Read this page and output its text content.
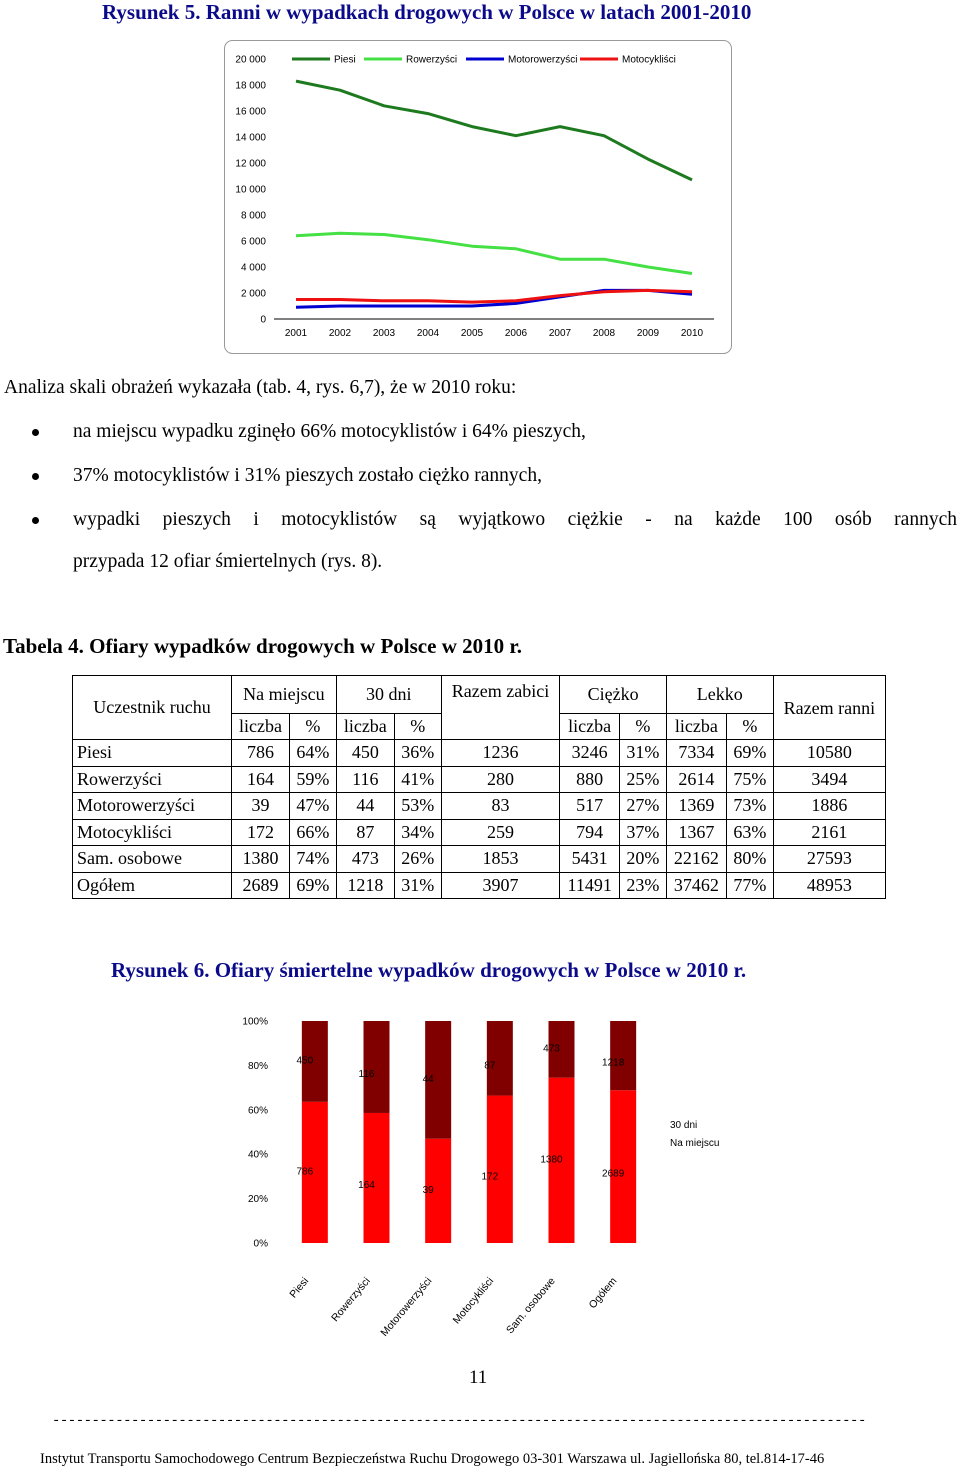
Rysunek 5. Ranni w wypadkach drogowych w Polsce w latach 2001-2010
0
2 000
4 000
6 000
8 000
10 000
12 000
14 000
16 000
18 000
20 000
2001 2002 2003 2004 2005 2006 2007 2008 2009 2010
Piesi	Rowerzyści	Motorowerzyści	Motocykliści
Analiza skali obrażeń wykazała (tab. 4, rys. 6,7), że w 2010 roku:
na miejscu wypadku zginęło 66% motocyklistów i 64% pieszych,
37% motocyklistów i 31% pieszych zostało ciężko rannych,
wypadki pieszych i motocyklistów są wyjątkowo ciężkie - na każde 100 osób rannych
przypada 12 ofiar śmiertelnych (rys. 8).
Tabela 4. Ofiary wypadków drogowych w Polsce w 2010 r.
Uczestnik ruchu	Na miejscu		30 dni		Razem zabici	Ciężko		Lekko		Razem ranni
	liczba	%	liczba	%		liczba	%	liczba	%	
Piesi	786	64%	450	36%	1236	3246	31%	7334	69%	10580
Rowerzyści	164	59%	116	41%	280	880	25%	2614	75%	3494
Motorowerzyści	39	47%	44	53%	83	517	27%	1369	73%	1886
Motocykliści	172	66%	87	34%	259	794	37%	1367	63%	2161
Sam. osobowe	1380	74%	473	26%	1853	5431	20%	22162	80%	27593
Ogółem	2689	69%	1218	31%	3907	11491	23%	37462	77%	48953
Rysunek 6. Ofiary śmiertelne wypadków drogowych w Polsce w 2010 r.
0%
20%
40%
60%
80%
100%
450
786
Piesi
116
164
Rowerzyści
44
39
Motorowerzyści
87
172
Motocykliści
473
1380
Sam. osobowe
1218
2689
Ogółem
30 dni
Na miejscu
11
-------------------------------------------------------------------------------------------------------
Instytut Transportu Samochodowego Centrum Bezpieczeństwa Ruchu Drogowego 03-301 Warszawa ul. Jagiellońska 80, tel.814-17-46
